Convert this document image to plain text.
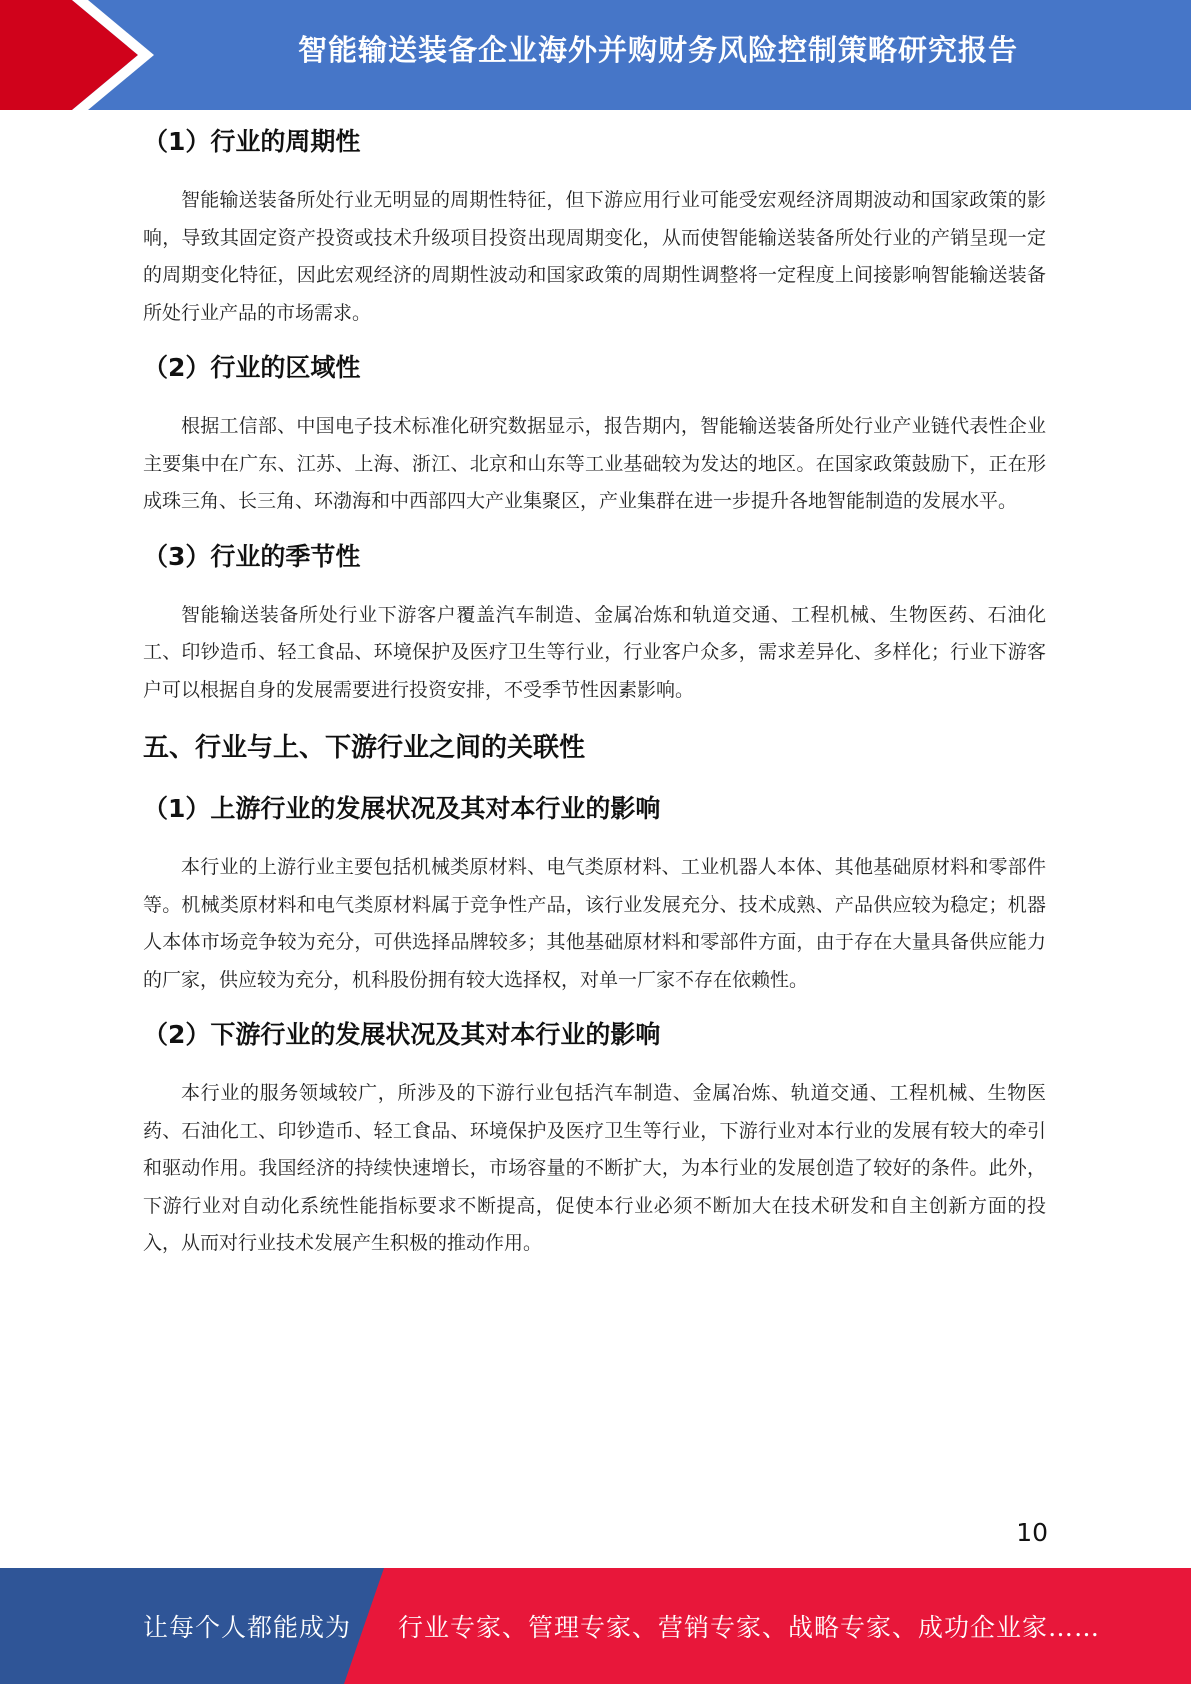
智能输送装备企业海外并购财务风险控制策略研究报告
（1）行业的周期性

智能输送装备所处行业无明显的周期性特征，但下游应用行业可能受宏观经济周期波动和国家政策的影响，导致其固定资产投资或技术升级项目投资出现周期变化，从而使智能输送装备所处行业的产销呈现一定的周期变化特征，因此宏观经济的周期性波动和国家政策的周期性调整将一定程度上间接影响智能输送装备所处行业产品的市场需求。

（2）行业的区域性

根据工信部、中国电子技术标准化研究数据显示，报告期内，智能输送装备所处行业产业链代表性企业主要集中在广东、江苏、上海、浙江、北京和山东等工业基础较为发达的地区。在国家政策鼓励下，正在形成珠三角、长三角、环渤海和中西部四大产业集聚区，产业集群在进一步提升各地智能制造的发展水平。

（3）行业的季节性

智能输送装备所处行业下游客户覆盖汽车制造、金属冶炼和轨道交通、工程机械、生物医药、石油化工、印钞造币、轻工食品、环境保护及医疗卫生等行业，行业客户众多，需求差异化、多样化；行业下游客户可以根据自身的发展需要进行投资安排，不受季节性因素影响。

五、行业与上、下游行业之间的关联性
（1）上游行业的发展状况及其对本行业的影响

本行业的上游行业主要包括机械类原材料、电气类原材料、工业机器人本体、其他基础原材料和零部件等。机械类原材料和电气类原材料属于竞争性产品，该行业发展充分、技术成熟、产品供应较为稳定；机器人本体市场竞争较为充分，可供选择品牌较多；其他基础原材料和零部件方面，由于存在大量具备供应能力的厂家，供应较为充分，机科股份拥有较大选择权，对单一厂家不存在依赖性。

（2）下游行业的发展状况及其对本行业的影响

本行业的服务领域较广，所涉及的下游行业包括汽车制造、金属冶炼、轨道交通、工程机械、生物医药、石油化工、印钞造币、轻工食品、环境保护及医疗卫生等行业，下游行业对本行业的发展有较大的牵引和驱动作用。我国经济的持续快速增长，市场容量的不断扩大，为本行业的发展创造了较好的条件。此外，下游行业对自动化系统性能指标要求不断提高，促使本行业必须不断加大在技术研发和自主创新方面的投入，从而对行业技术发展产生积极的推动作用。

10
让每个人都能成为 行业专家、管理专家、营销专家、战略专家、成功企业家……
